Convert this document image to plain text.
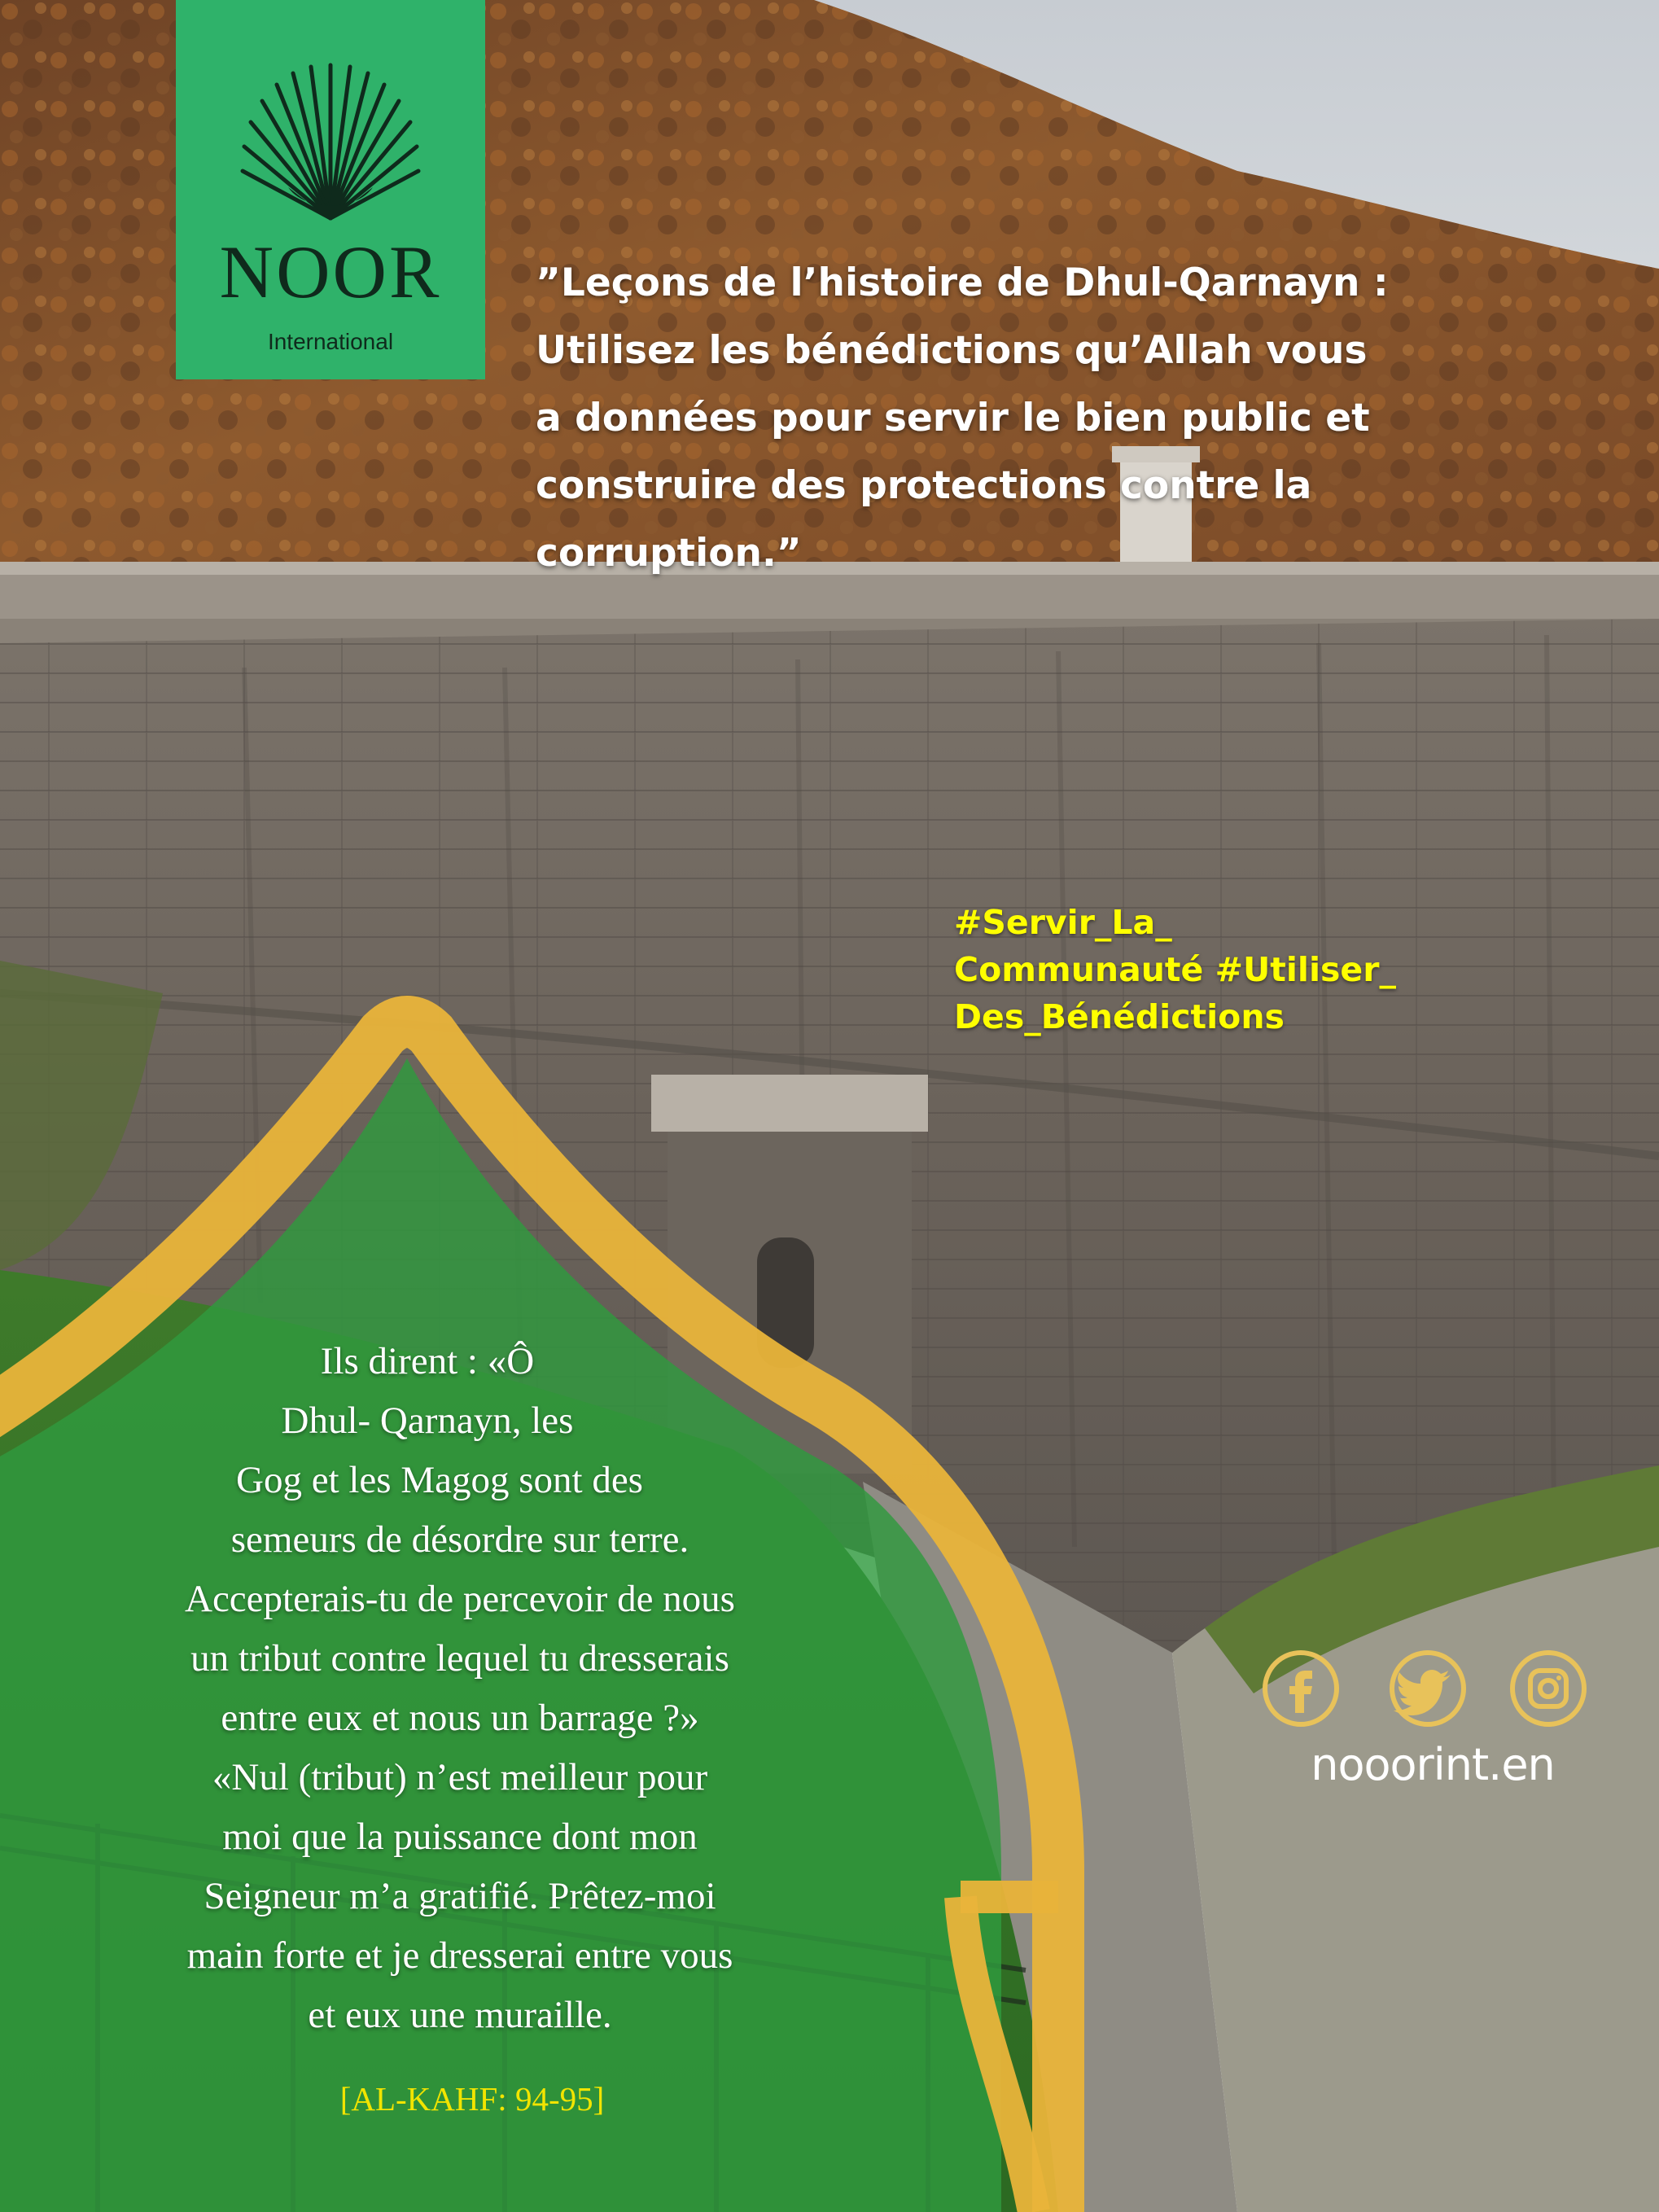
NOOR
International

”Leçons de l’histoire de Dhul-Qarnayn :
Utilisez les bénédictions qu’Allah vous
a données pour servir le bien public et
construire des protections contre la
corruption.”

#Servir_La_
Communauté #Utiliser_
Des_Bénédictions

Ils dirent : «Ô
Dhul- Qarnayn, les
Gog et les Magog sont des
semeurs de désordre sur terre.
Accepterais-tu de percevoir de nous
un tribut contre lequel tu dresserais
entre eux et nous un barrage ?»
«Nul (tribut) n’est meilleur pour
moi que la puissance dont mon
Seigneur m’a gratifié. Prêtez-moi
main forte et je dresserai entre vous
et eux une muraille.

[AL-KAHF: 94-95]
nooorint.en
